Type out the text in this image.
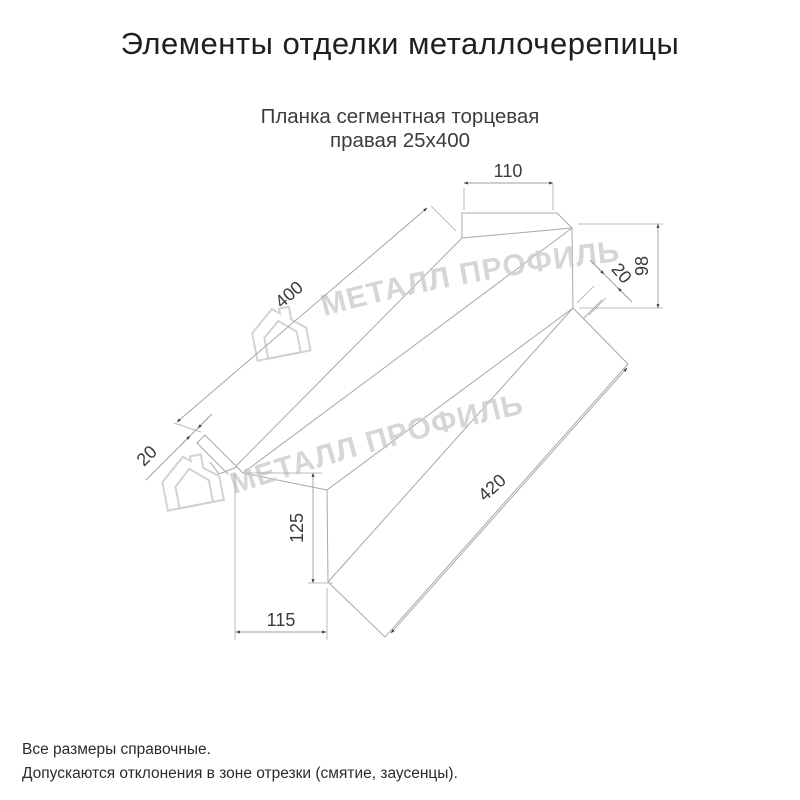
Элементы отделки металлочерепицы
Планка сегментная торцевая
правая 25x400
МЕТАЛЛ ПРОФИЛЬ
МЕТАЛЛ ПРОФИЛЬ
110
98
20
400
20
125
420
115
Все размеры справочные.
Допускаются отклонения в зоне отрезки (смятие, заусенцы).
